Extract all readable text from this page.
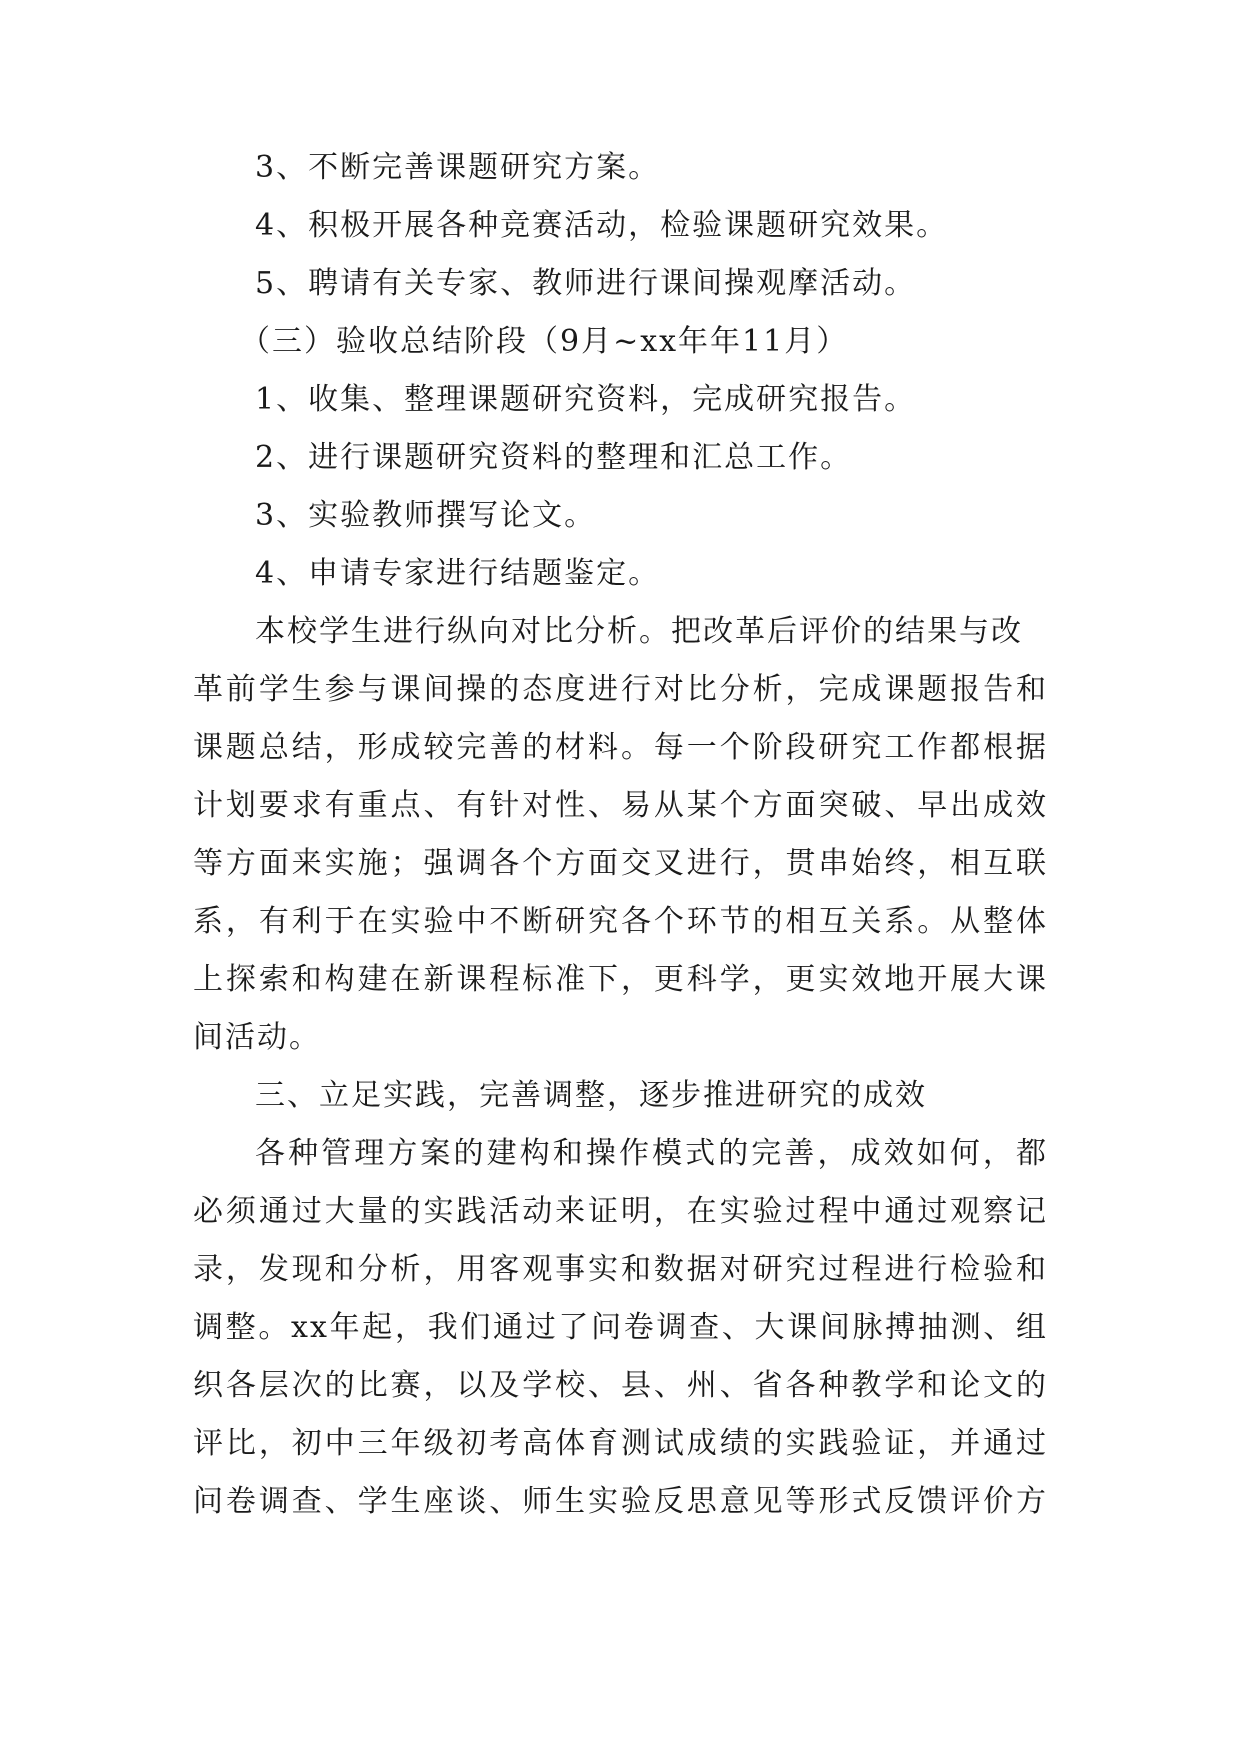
3、不断完善课题研究方案。
4、积极开展各种竞赛活动，检验课题研究效果。
5、聘请有关专家、教师进行课间操观摩活动。
（三）验收总结阶段（9月~xx年年11月）
1、收集、整理课题研究资料，完成研究报告。
2、进行课题研究资料的整理和汇总工作。
3、实验教师撰写论文。
4、申请专家进行结题鉴定。
本校学生进行纵向对比分析。把改革后评价的结果与改
革前学生参与课间操的态度进行对比分析，完成课题报告和
课题总结，形成较完善的材料。每一个阶段研究工作都根据
计划要求有重点、有针对性、易从某个方面突破、早出成效
等方面来实施；强调各个方面交叉进行，贯串始终，相互联
系，有利于在实验中不断研究各个环节的相互关系。从整体
上探索和构建在新课程标准下，更科学，更实效地开展大课
间活动。
三、立足实践，完善调整，逐步推进研究的成效
各种管理方案的建构和操作模式的完善，成效如何，都
必须通过大量的实践活动来证明，在实验过程中通过观察记
录，发现和分析，用客观事实和数据对研究过程进行检验和
调整。xx年起，我们通过了问卷调查、大课间脉搏抽测、组
织各层次的比赛，以及学校、县、州、省各种教学和论文的
评比，初中三年级初考高体育测试成绩的实践验证，并通过
问卷调查、学生座谈、师生实验反思意见等形式反馈评价方
